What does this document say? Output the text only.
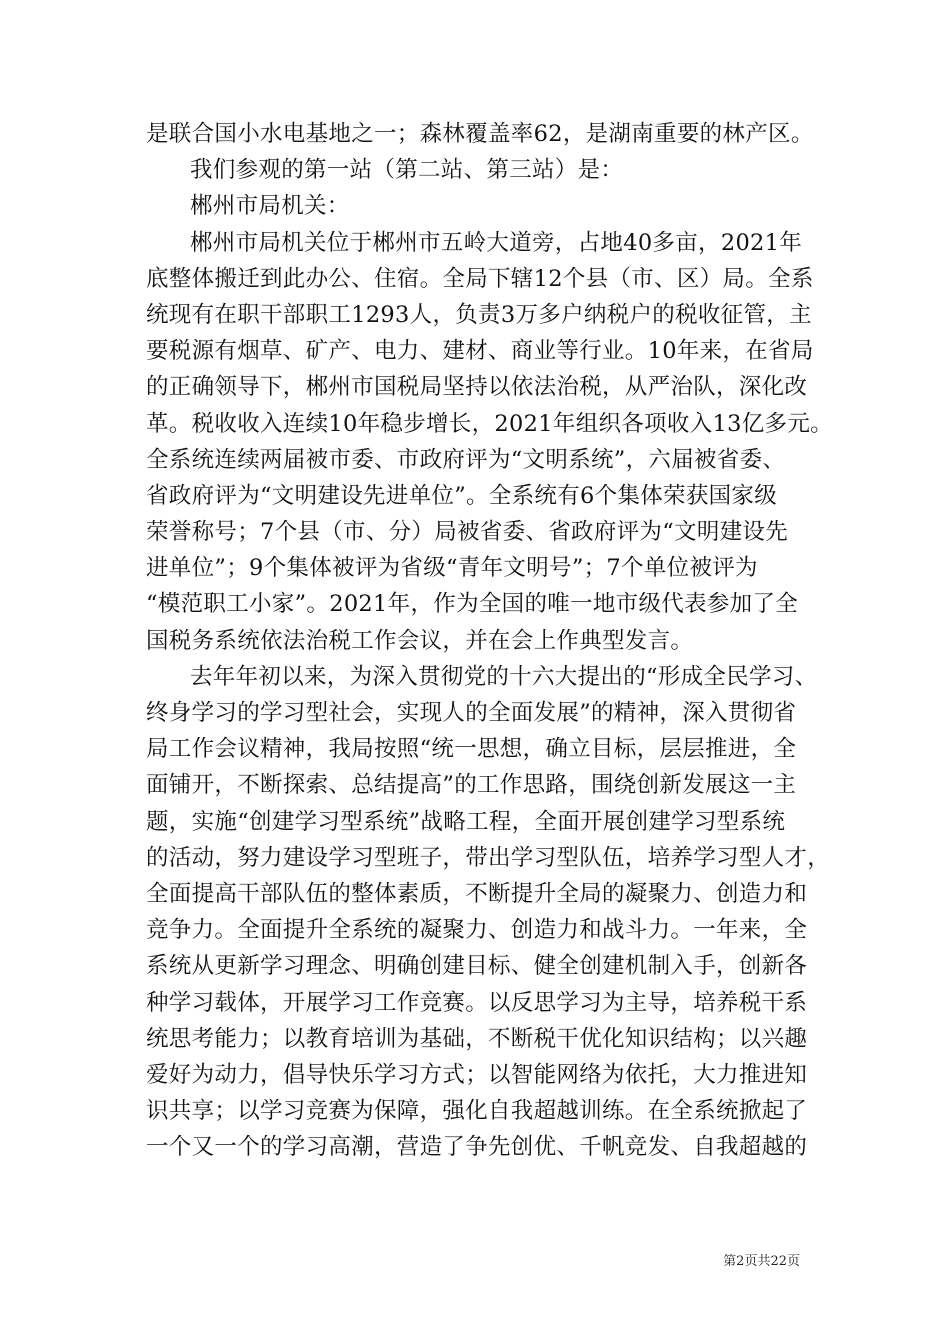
是联合国小水电基地之一；森林覆盖率62，是湖南重要的林产区。
我们参观的第一站（第二站、第三站）是：
郴州市局机关：
郴州市局机关位于郴州市五岭大道旁，占地40多亩，2021年
底整体搬迁到此办公、住宿。全局下辖12个县（市、区）局。全系
统现有在职干部职工1293人，负责3万多户纳税户的税收征管，主
要税源有烟草、矿产、电力、建材、商业等行业。10年来，在省局
的正确领导下，郴州市国税局坚持以依法治税，从严治队，深化改
革。税收收入连续10年稳步增长，2021年组织各项收入13亿多元。
全系统连续两届被市委、市政府评为“文明系统”，六届被省委、
省政府评为“文明建设先进单位”。全系统有6个集体荣获国家级
荣誉称号；7个县（市、分）局被省委、省政府评为“文明建设先
进单位”；9个集体被评为省级“青年文明号”；7个单位被评为
“模范职工小家”。2021年，作为全国的唯一地市级代表参加了全
国税务系统依法治税工作会议，并在会上作典型发言。
去年年初以来，为深入贯彻党的十六大提出的“形成全民学习、
终身学习的学习型社会，实现人的全面发展”的精神，深入贯彻省
局工作会议精神，我局按照“统一思想，确立目标，层层推进，全
面铺开，不断探索、总结提高”的工作思路，围绕创新发展这一主
题，实施“创建学习型系统”战略工程，全面开展创建学习型系统
的活动，努力建设学习型班子，带出学习型队伍，培养学习型人才，
全面提高干部队伍的整体素质，不断提升全局的凝聚力、创造力和
竞争力。全面提升全系统的凝聚力、创造力和战斗力。一年来，全
系统从更新学习理念、明确创建目标、健全创建机制入手，创新各
种学习载体，开展学习工作竞赛。以反思学习为主导，培养税干系
统思考能力；以教育培训为基础，不断税干优化知识结构；以兴趣
爱好为动力，倡导快乐学习方式；以智能网络为依托，大力推进知
识共享；以学习竞赛为保障，强化自我超越训练。在全系统掀起了
一个又一个的学习高潮，营造了争先创优、千帆竞发、自我超越的
第2页共22页
